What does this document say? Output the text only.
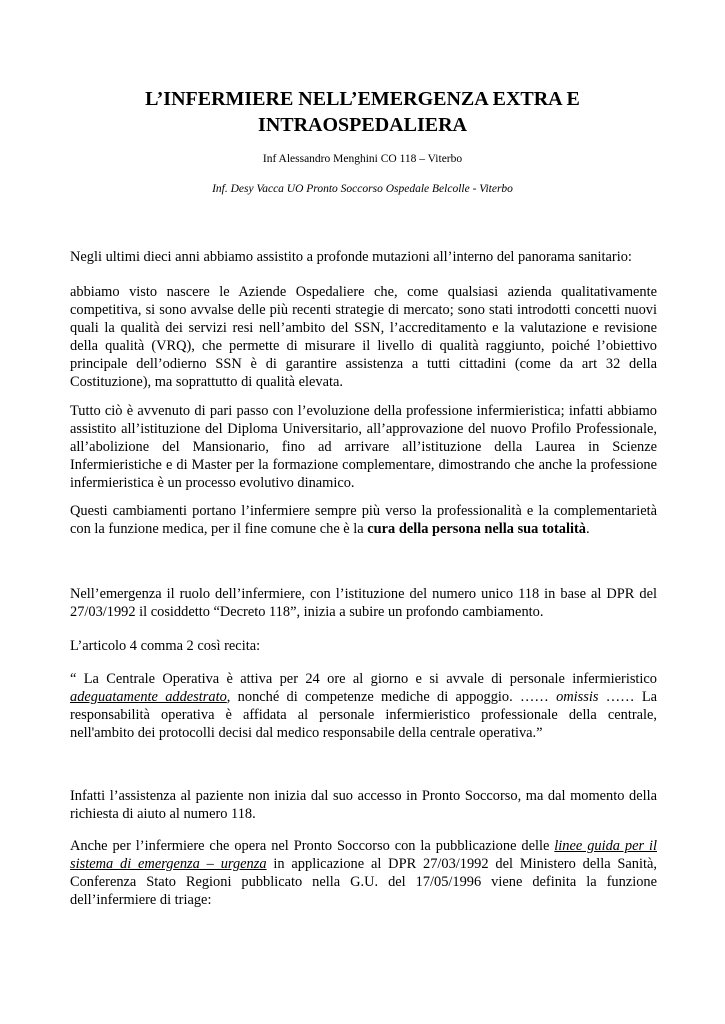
L’INFERMIERE NELL’EMERGENZA EXTRA E
INTRAOSPEDALIERA
Inf Alessandro Menghini CO 118 – Viterbo
Inf. Desy Vacca UO Pronto Soccorso Ospedale Belcolle - Viterbo

Negli ultimi dieci anni abbiamo assistito a profonde mutazioni all’interno del panorama sanitario:

abbiamo visto nascere le Aziende Ospedaliere che, come qualsiasi azienda qualitativamente competitiva, si sono avvalse delle più recenti strategie di mercato; sono stati introdotti concetti nuovi quali la qualità dei servizi resi nell’ambito del SSN, l’accreditamento e la valutazione e revisione della qualità (VRQ), che permette di misurare il livello di qualità raggiunto, poiché l’obiettivo principale dell’odierno SSN è di garantire assistenza a tutti cittadini (come da art 32 della Costituzione), ma soprattutto di qualità elevata.

Tutto ciò è avvenuto di pari passo con l’evoluzione della professione infermieristica; infatti abbiamo assistito all’istituzione del Diploma Universitario, all’approvazione del nuovo Profilo Professionale, all’abolizione del Mansionario, fino ad arrivare all’istituzione della Laurea in Scienze Infermieristiche e di Master per la formazione complementare, dimostrando che anche la professione infermieristica è un processo evolutivo dinamico.

Questi cambiamenti portano l’infermiere sempre più verso la professionalità e la complementarietà con la funzione medica, per il fine comune che è la cura della persona nella sua totalità.

Nell’emergenza il ruolo dell’infermiere, con l’istituzione del numero unico 118 in base al DPR del 27/03/1992 il cosiddetto “Decreto 118”, inizia a subire un profondo cambiamento.

L’articolo 4 comma 2 così recita:

“ La Centrale Operativa è attiva per 24 ore al giorno e si avvale di personale infermieristico adeguatamente addestrato, nonché di competenze mediche di appoggio. …… omissis …… La responsabilità operativa è affidata al personale infermieristico professionale della centrale, nell'ambito dei protocolli decisi dal medico responsabile della centrale operativa.”

Infatti l’assistenza al paziente non inizia dal suo accesso in Pronto Soccorso, ma dal momento della richiesta di aiuto al numero 118.

Anche per l’infermiere che opera nel Pronto Soccorso con la pubblicazione delle linee guida per il sistema di emergenza – urgenza in applicazione al DPR 27/03/1992 del Ministero della Sanità, Conferenza Stato Regioni pubblicato nella G.U. del 17/05/1996 viene definita la funzione dell’infermiere di triage:
